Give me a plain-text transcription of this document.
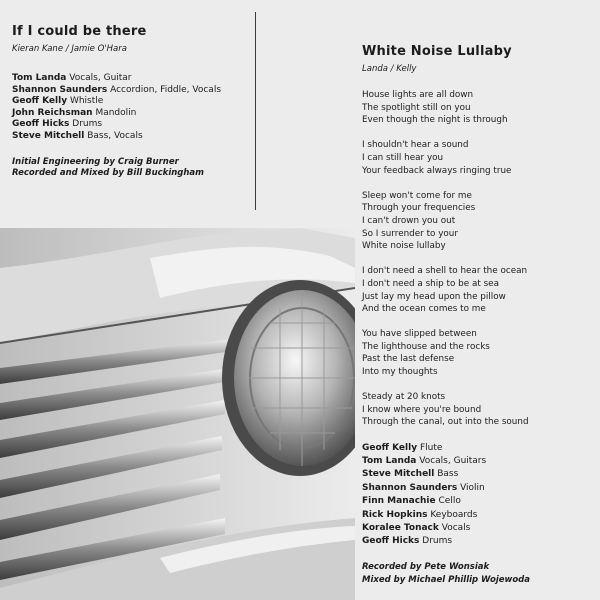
If I could be there
Kieran Kane / Jamie O'Hara
Tom Landa Vocals, Guitar
Shannon Saunders Accordion, Fiddle, Vocals
Geoff Kelly Whistle
John Reichsman Mandolin
Geoff Hicks Drums
Steve Mitchell Bass, Vocals
Initial Engineering by Craig Burner
Recorded and Mixed by Bill Buckingham
White Noise Lullaby
Landa / Kelly
House lights are all down
The spotlight still on you
Even though the night is through
I shouldn't hear a sound
I can still hear you
Your feedback always ringing true
Sleep won't come for me
Through your frequencies
I can't drown you out
So I surrender to your
White noise lullaby
I don't need a shell to hear the ocean
I don't need a ship to be at sea
Just lay my head upon the pillow
And the ocean comes to me
You have slipped between
The lighthouse and the rocks
Past the last defense
Into my thoughts
Steady at 20 knots
I know where you're bound
Through the canal, out into the sound
Geoff Kelly Flute
Tom Landa Vocals, Guitars
Steve Mitchell Bass
Shannon Saunders Violin
Finn Manachie Cello
Rick Hopkins Keyboards
Koralee Tonack Vocals
Geoff Hicks Drums
Recorded by Pete Wonsiak
Mixed by Michael Phillip Wojewoda
